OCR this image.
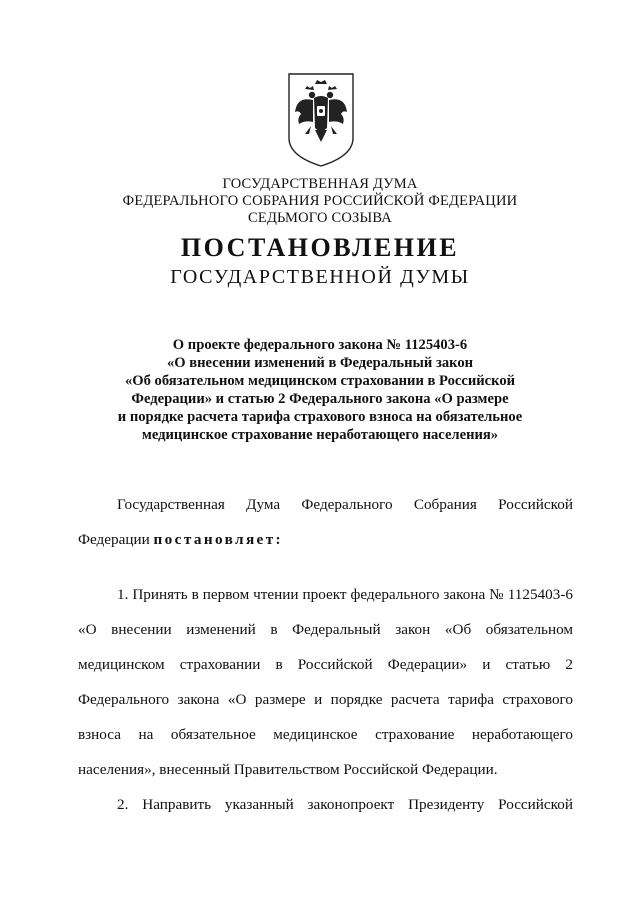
ГОСУДАРСТВЕННАЯ ДУМА
ФЕДЕРАЛЬНОГО СОБРАНИЯ РОССИЙСКОЙ ФЕДЕРАЦИИ
СЕДЬМОГО СОЗЫВА
ПОСТАНОВЛЕНИЕ
ГОСУДАРСТВЕННОЙ ДУМЫ
О проекте федерального закона № 1125403-6
«О внесении изменений в Федеральный закон
«Об обязательном медицинском страховании в Российской
Федерации» и статью 2 Федерального закона «О размере
и порядке расчета тарифа страхового взноса на обязательное
медицинское страхование неработающего населения»
Государственная Дума Федерального Собрания Российской
Федерации постановляет:
1. Принять в первом чтении проект федерального закона № 1125403-6
«О внесении изменений в Федеральный закон «Об обязательном
медицинском страховании в Российской Федерации» и статью 2
Федерального закона «О размере и порядке расчета тарифа страхового
взноса на обязательное медицинское страхование неработающего
населения», внесенный Правительством Российской Федерации.
2. Направить указанный законопроект Президенту Российской
